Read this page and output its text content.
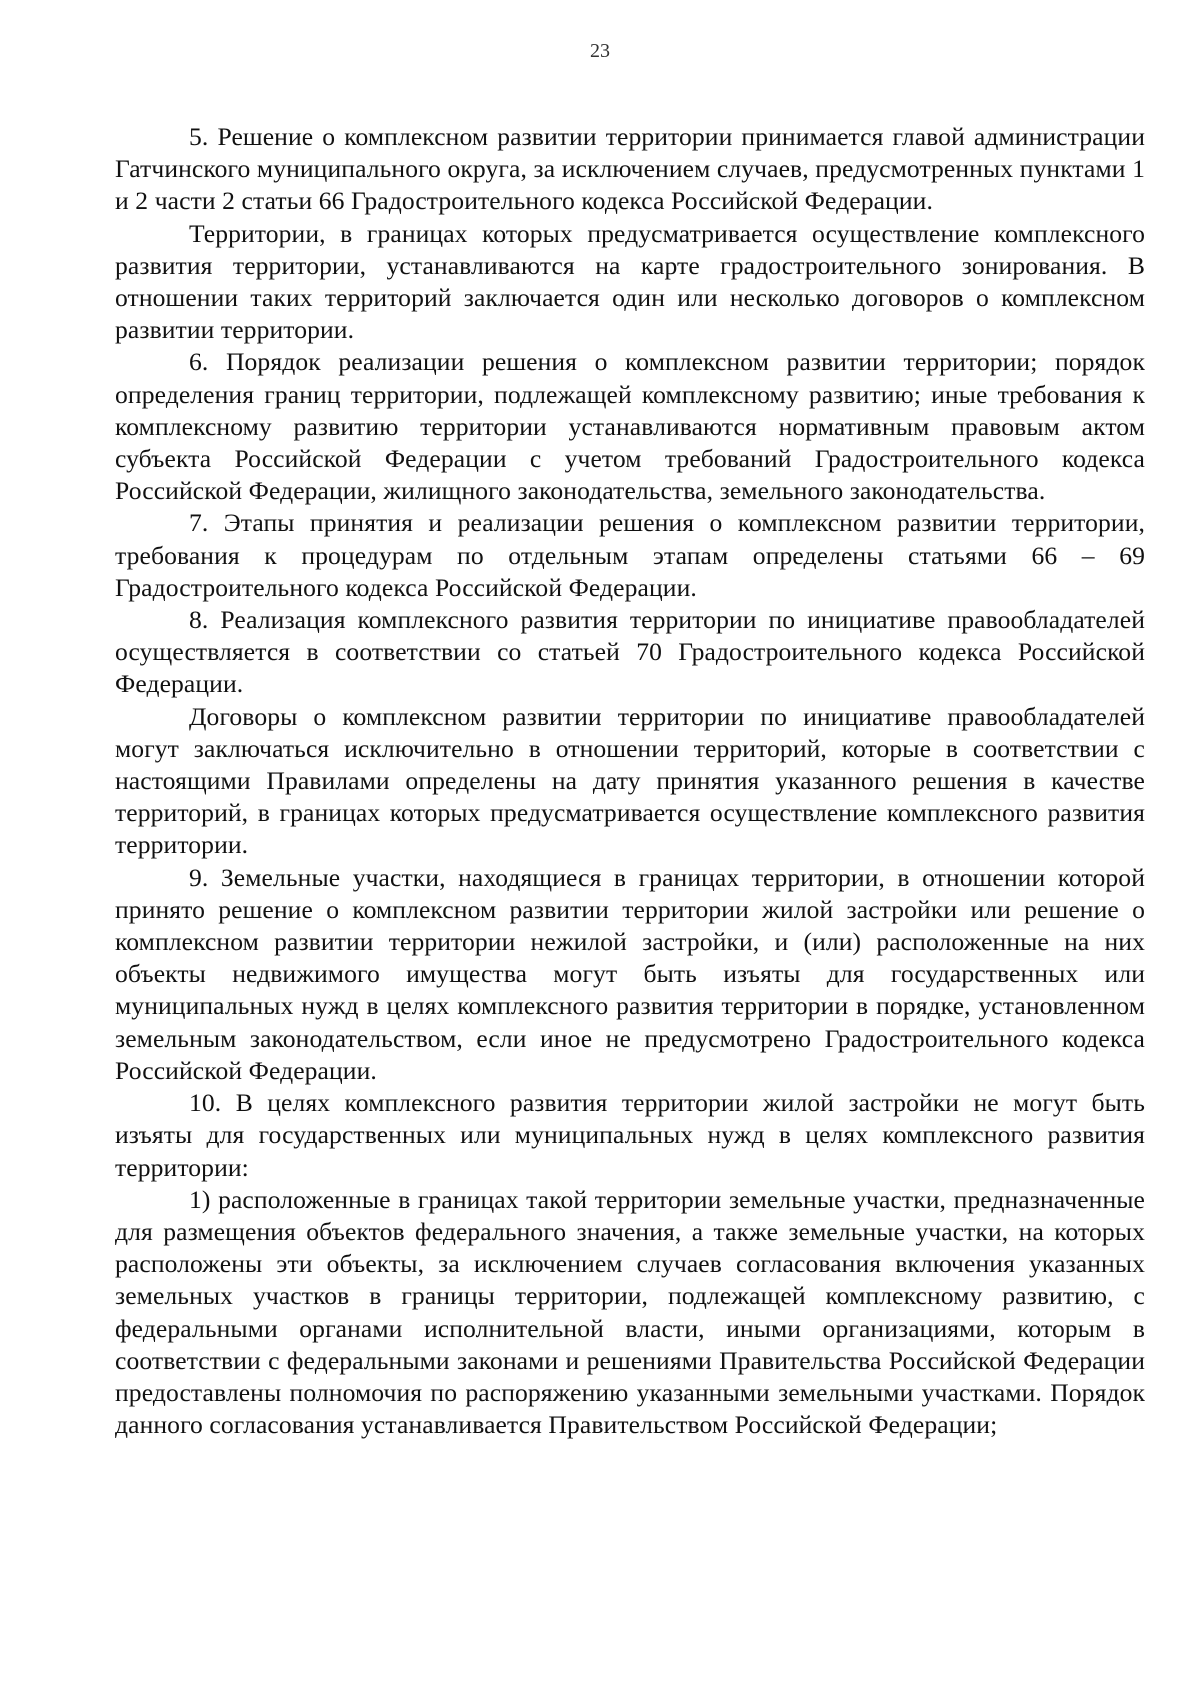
23

5. Решение о комплексном развитии территории принимается главой администрации Гатчинского муниципального округа, за исключением случаев, предусмотренных пунктами 1 и 2 части 2 статьи 66 Градостроительного кодекса Российской Федерации.

Территории, в границах которых предусматривается осуществление комплексного развития территории, устанавливаются на карте градостроительного зонирования. В отношении таких территорий заключается один или несколько договоров о комплексном развитии территории.

6. Порядок реализации решения о комплексном развитии территории; порядок определения границ территории, подлежащей комплексному развитию; иные требования к комплексному развитию территории устанавливаются нормативным правовым актом субъекта Российской Федерации с учетом требований Градостроительного кодекса Российской Федерации, жилищного законодательства, земельного законодательства.

7. Этапы принятия и реализации решения о комплексном развитии территории, требования к процедурам по отдельным этапам определены статьями 66 – 69 Градостроительного кодекса Российской Федерации.

8. Реализация комплексного развития территории по инициативе правообладателей осуществляется в соответствии со статьей 70 Градостроительного кодекса Российской Федерации.

Договоры о комплексном развитии территории по инициативе правообладателей могут заключаться исключительно в отношении территорий, которые в соответствии с настоящими Правилами определены на дату принятия указанного решения в качестве территорий, в границах которых предусматривается осуществление комплексного развития территории.

9. Земельные участки, находящиеся в границах территории, в отношении которой принято решение о комплексном развитии территории жилой застройки или решение о комплексном развитии территории нежилой застройки, и (или) расположенные на них объекты недвижимого имущества могут быть изъяты для государственных или муниципальных нужд в целях комплексного развития территории в порядке, установленном земельным законодательством, если иное не предусмотрено Градостроительного кодекса Российской Федерации.

10. В целях комплексного развития территории жилой застройки не могут быть изъяты для государственных или муниципальных нужд в целях комплексного развития территории:

1) расположенные в границах такой территории земельные участки, предназначенные для размещения объектов федерального значения, а также земельные участки, на которых расположены эти объекты, за исключением случаев согласования включения указанных земельных участков в границы территории, подлежащей комплексному развитию, с федеральными органами исполнительной власти, иными организациями, которым в соответствии с федеральными законами и решениями Правительства Российской Федерации предоставлены полномочия по распоряжению указанными земельными участками. Порядок данного согласования устанавливается Правительством Российской Федерации;
